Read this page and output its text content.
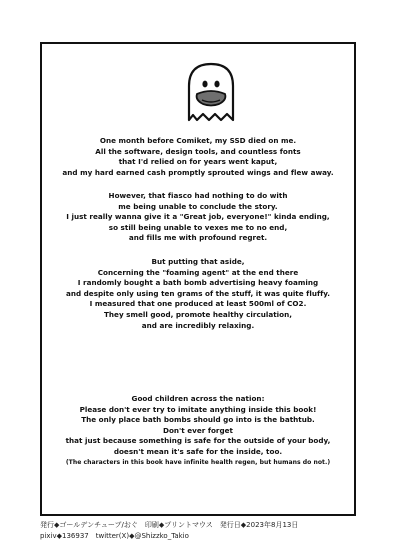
One month before Comiket, my SSD died on me.

All the software, design tools, and countless fonts

that I'd relied on for years went kaput,

and my hard earned cash promptly sprouted wings and flew away.

However, that fiasco had nothing to do with

me being unable to conclude the story.

I just really wanna give it a "Great job, everyone!" kinda ending,

so still being unable to vexes me to no end,

and fills me with profound regret.

But putting that aside,

Concerning the "foaming agent" at the end there

I randomly bought a bath bomb advertising heavy foaming

and despite only using ten grams of the stuff, it was quite fluffy.

I measured that one produced at least 500ml of CO2.

They smell good, promote healthy circulation,

and are incredibly relaxing.

Good children across the nation:

Please don't ever try to imitate anything inside this book!

The only place bath bombs should go into is the bathtub.

Don't ever forget

that just because something is safe for the outside of your body,

doesn't mean it's safe for the inside, too.

(The characters in this book have infinite health regen, but humans do not.)

発行◆ゴールデンチューブ/おぐ　印刷◆プリントマウス　発行日◆2023年8月13日

pixiv◆136937　twitter(X)◆@Shizzko_Takio
